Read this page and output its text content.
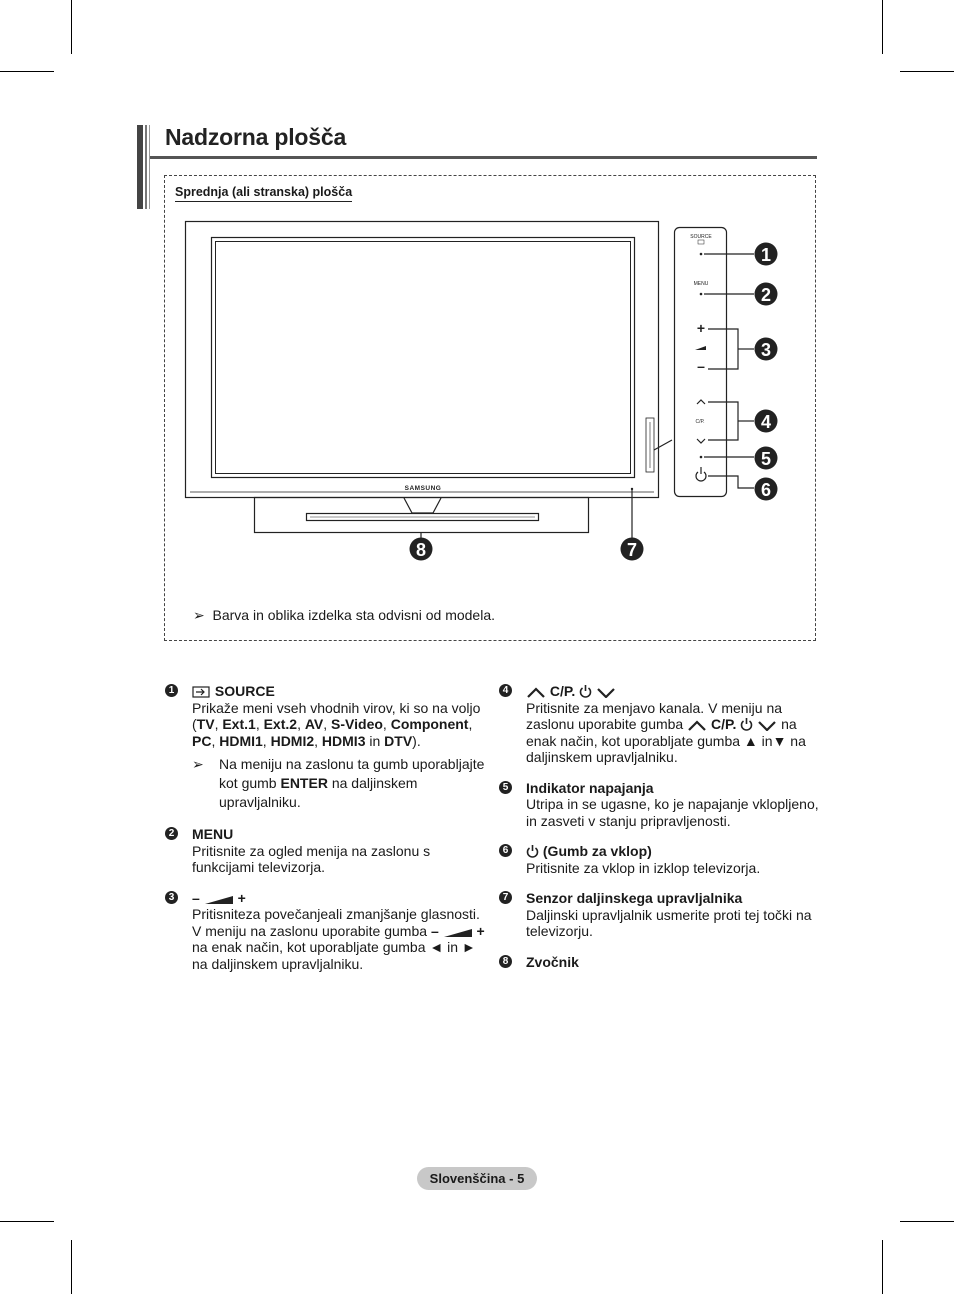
Nadzorna plošča
Sprednja (ali stranska) plošča
SAMSUNG
SOURCE
MENU
+
–
C/P.
1
2
3
4
5
6
7
8
➢ Barva in oblika izdelka sta odvisni od modela.
1	SOURCE
Prikaže meni vseh vhodnih virov, ki so na voljo (TV, Ext.1, Ext.2, AV, S-Video, Component, PC, HDMI1, HDMI2, HDMI3 in DTV).
➢ Na meniju na zaslonu ta gumb uporabljajte kot gumb ENTER na daljinskem upravljalniku.
2 MENU
Pritisnite za ogled menija na zaslonu s funkcijami televizorja.
3 –	+
Pritisniteza povečanjeali zmanjšanje glasnosti. V meniju na zaslonu uporabite gumba –	+ na enak način, kot uporabljate gumba ◄ in ► na daljinskem upravljalniku.
4	C/P.
Pritisnite za menjavo kanala. V meniju na zaslonu uporabite gumba  C/P.	na enak način, kot uporabljate gumba ▲ in▼ na daljinskem upravljalniku.
5 Indikator napajanja
Utripa in se ugasne, ko je napajanje vklopljeno, in zasveti v stanju pripravljenosti.
6	(Gumb za vklop)
Pritisnite za vklop in izklop televizorja.
7 Senzor daljinskega upravljalnika
Daljinski upravljalnik usmerite proti tej točki na televizorju.
8 Zvočnik
Slovenščina - 5
